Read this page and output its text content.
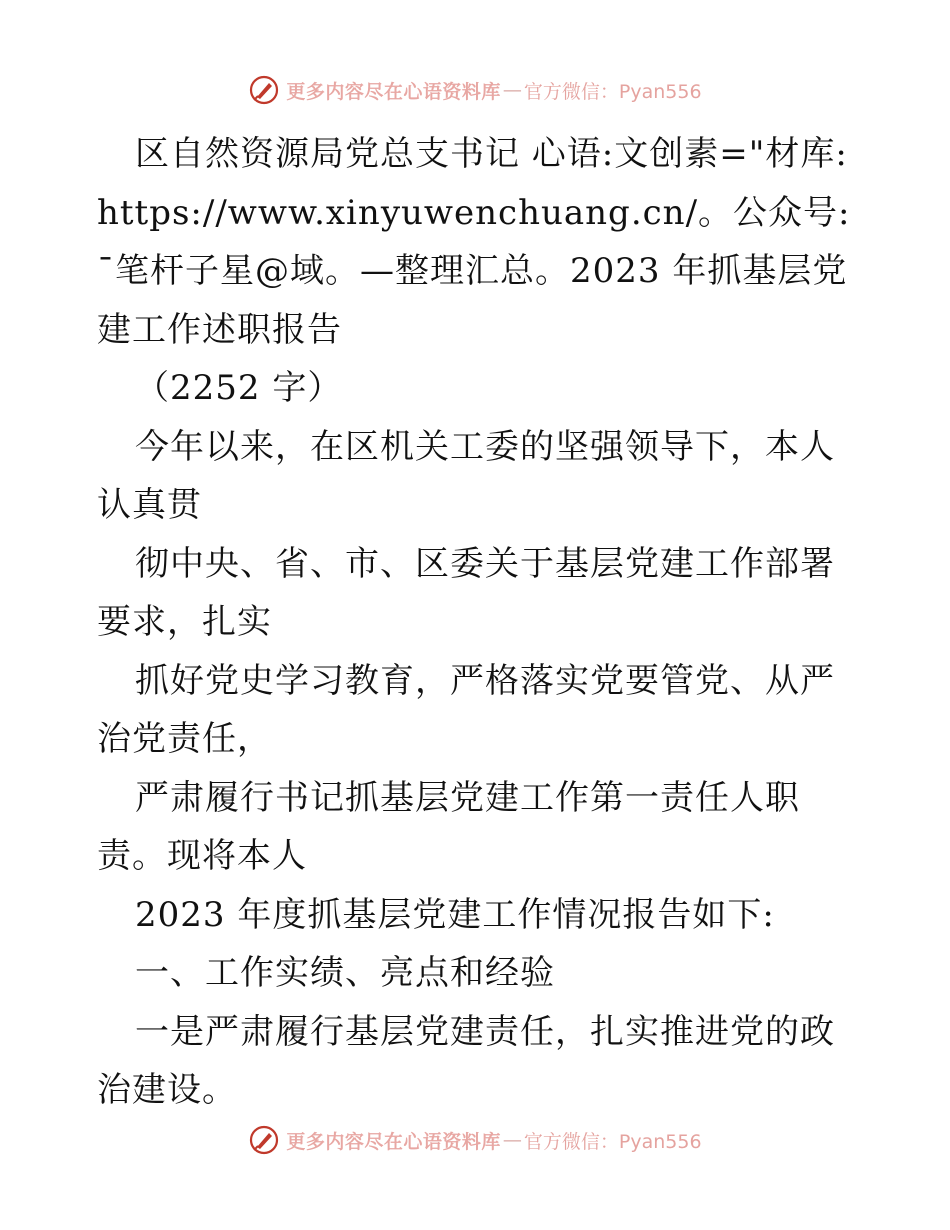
更多内容尽在心语资料库 — 官方微信：Pyan556

区自然资源局党总支书记 心语:文创素="材库: https://www.xinyuwenchuang.cn/。公众号: ¯笔杆子星@域。—整理汇总。2023 年抓基层党建工作述职报告

（2252 字）

今年以来，在区机关工委的坚强领导下，本人认真贯

彻中央、省、市、区委关于基层党建工作部署要求，扎实

抓好党史学习教育，严格落实党要管党、从严治党责任，

严肃履行书记抓基层党建工作第一责任人职责。现将本人

2023 年度抓基层党建工作情况报告如下:

一、工作实绩、亮点和经验

一是严肃履行基层党建责任，扎实推进党的政治建设。

更多内容尽在心语资料库 — 官方微信：Pyan556
